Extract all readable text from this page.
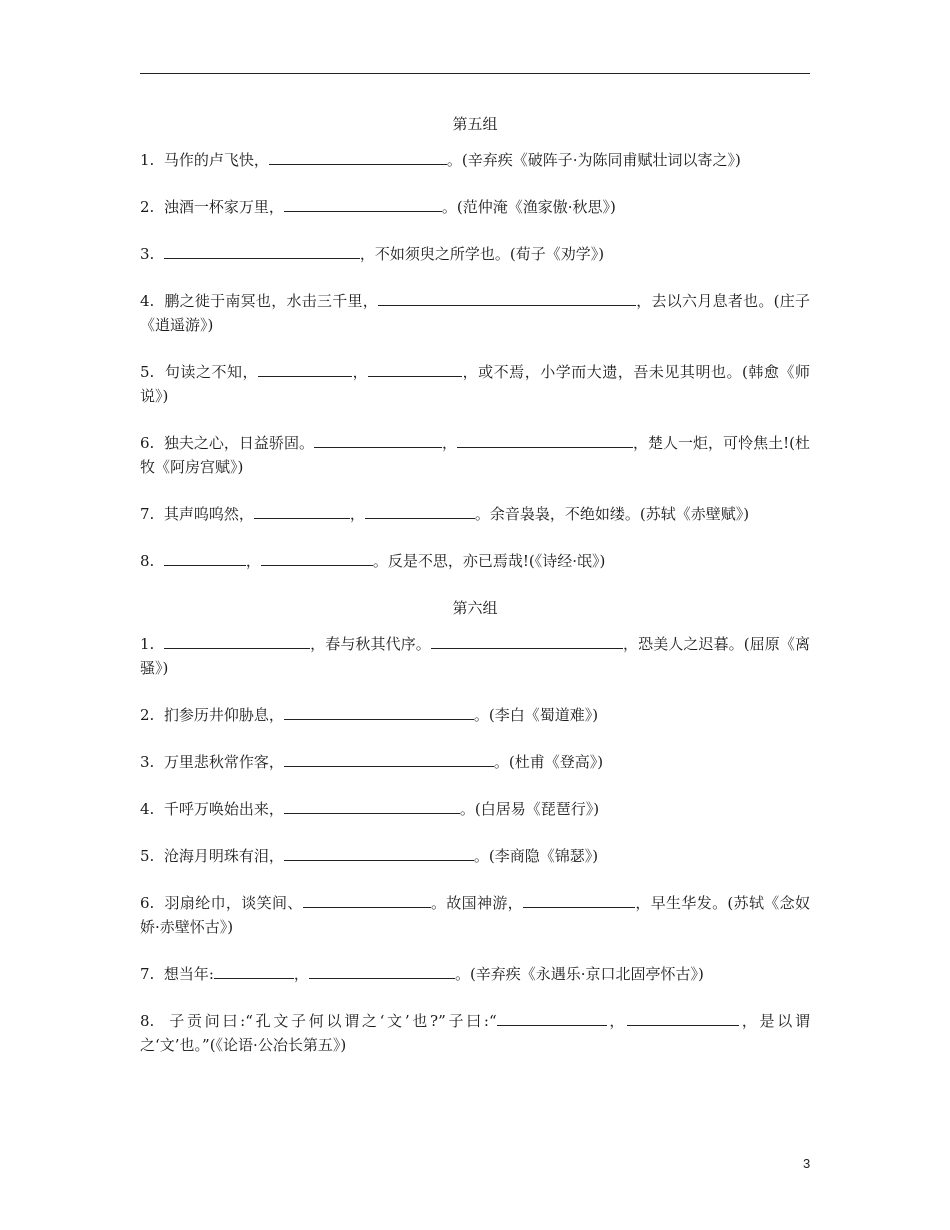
第五组

1. 马作的卢飞快，	。(辛弃疾《破阵子·为陈同甫赋壮词以寄之》)

2. 浊酒一杯家万里，	。(范仲淹《渔家傲·秋思》)

3.	，不如须臾之所学也。(荀子《劝学》)

4. 鹏之徙于南冥也，水击三千里，	，去以六月息者也。(庄子《逍遥游》)

5. 句读之不知，	，	，或不焉，小学而大遗，吾未见其明也。(韩愈《师说》)

6. 独夫之心，日益骄固。	，	，楚人一炬，可怜焦土!(杜牧《阿房宫赋》)

7. 其声呜呜然，	，	。余音袅袅，不绝如缕。(苏轼《赤壁赋》)

8.	，	。反是不思，亦已焉哉!(《诗经·氓》)

第六组

1.	，春与秋其代序。	，恐美人之迟暮。(屈原《离骚》)

2. 扪参历井仰胁息，	。(李白《蜀道难》)

3. 万里悲秋常作客，	。(杜甫《登高》)

4. 千呼万唤始出来，	。(白居易《琵琶行》)

5. 沧海月明珠有泪，	。(李商隐《锦瑟》)

6. 羽扇纶巾，谈笑间、	。故国神游，	，早生华发。(苏轼《念奴娇·赤壁怀古》)

7. 想当年:	，	。(辛弃疾《永遇乐·京口北固亭怀古》)

8. 子贡问曰:“孔文子何以谓之‘文’也?”子曰:“	，	，是以谓之‘文’也。”(《论语·公冶长第五》)

3
